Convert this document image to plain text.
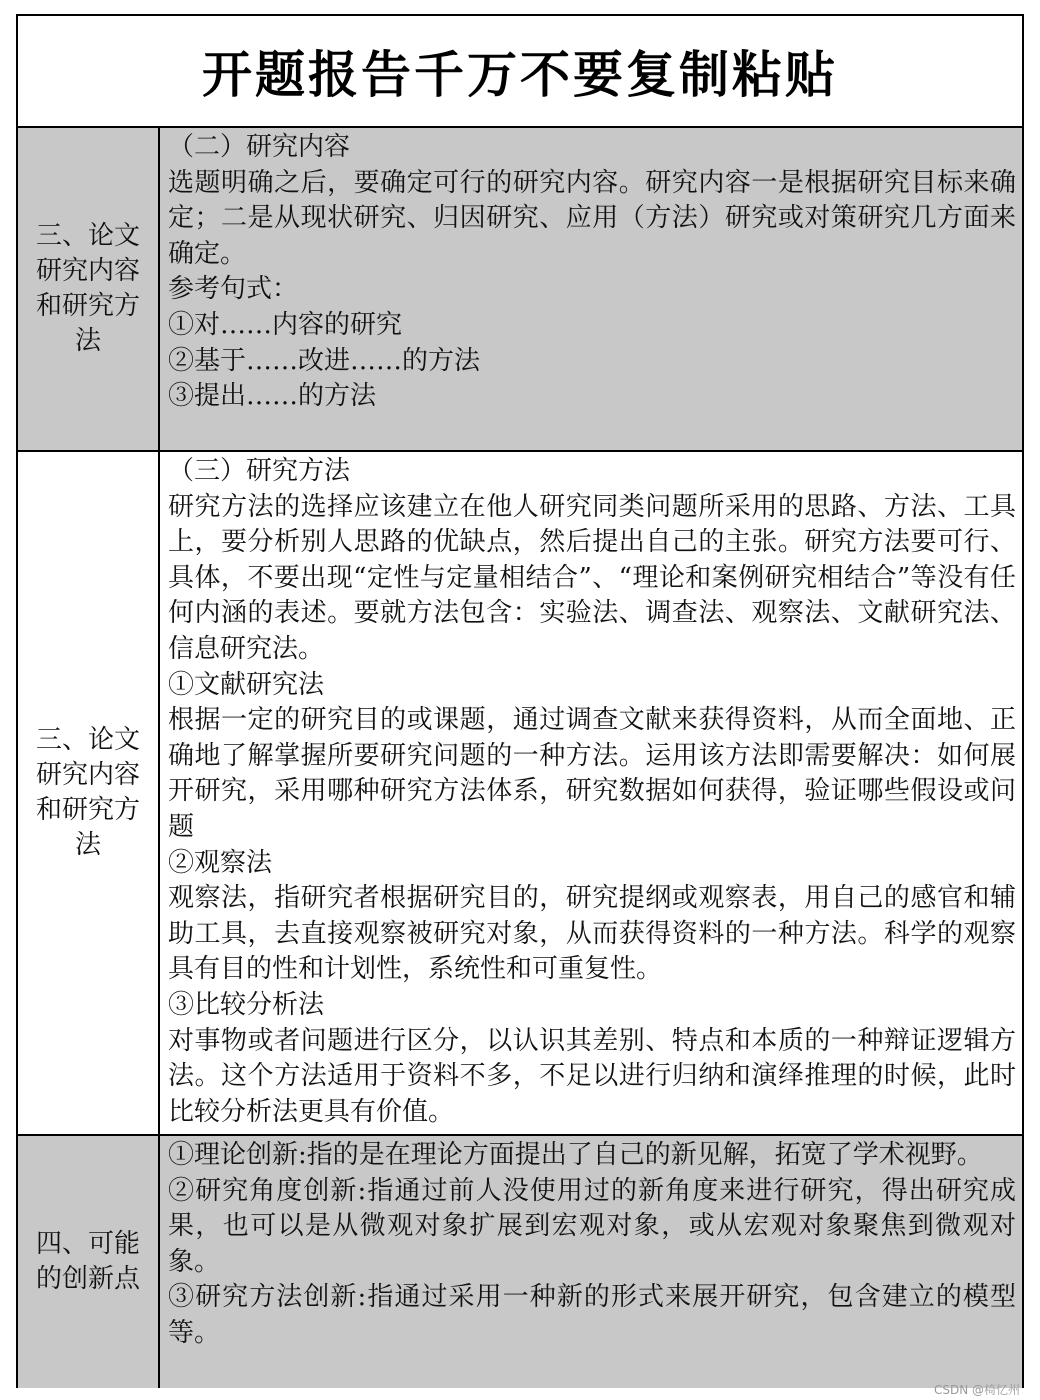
开题报告千万不要复制粘贴
三、论文研究内容和研究方法

（二）研究内容

选题明确之后，要确定可行的研究内容。研究内容一是根据研究目标来确定；二是从现状研究、归因研究、应用（方法）研究或对策研究几方面来确定。

参考句式：

①对……内容的研究

②基于……改进……的方法

③提出……的方法

三、论文研究内容和研究方法

（三）研究方法

研究方法的选择应该建立在他人研究同类问题所采用的思路、方法、工具上，要分析别人思路的优缺点，然后提出自己的主张。研究方法要可行、具体，不要出现“定性与定量相结合”、“理论和案例研究相结合”等没有任何内涵的表述。要就方法包含：实验法、调查法、观察法、文献研究法、信息研究法。

①文献研究法

根据一定的研究目的或课题，通过调查文献来获得资料，从而全面地、正确地了解掌握所要研究问题的一种方法。运用该方法即需要解决：如何展开研究，采用哪种研究方法体系，研究数据如何获得，验证哪些假设或问题

②观察法

观察法，指研究者根据研究目的，研究提纲或观察表，用自己的感官和辅助工具，去直接观察被研究对象，从而获得资料的一种方法。科学的观察具有目的性和计划性，系统性和可重复性。

③比较分析法

对事物或者问题进行区分，以认识其差别、特点和本质的一种辩证逻辑方法。这个方法适用于资料不多，不足以进行归纳和演绎推理的时候，此时比较分析法更具有价值。

四、可能的创新点

①理论创新:指的是在理论方面提出了自己的新见解，拓宽了学术视野。

②研究角度创新:指通过前人没使用过的新角度来进行研究，得出研究成果，也可以是从微观对象扩展到宏观对象，或从宏观对象聚焦到微观对象。

③研究方法创新:指通过采用一种新的形式来展开研究，包含建立的模型等。

CSDN @椅忆州
